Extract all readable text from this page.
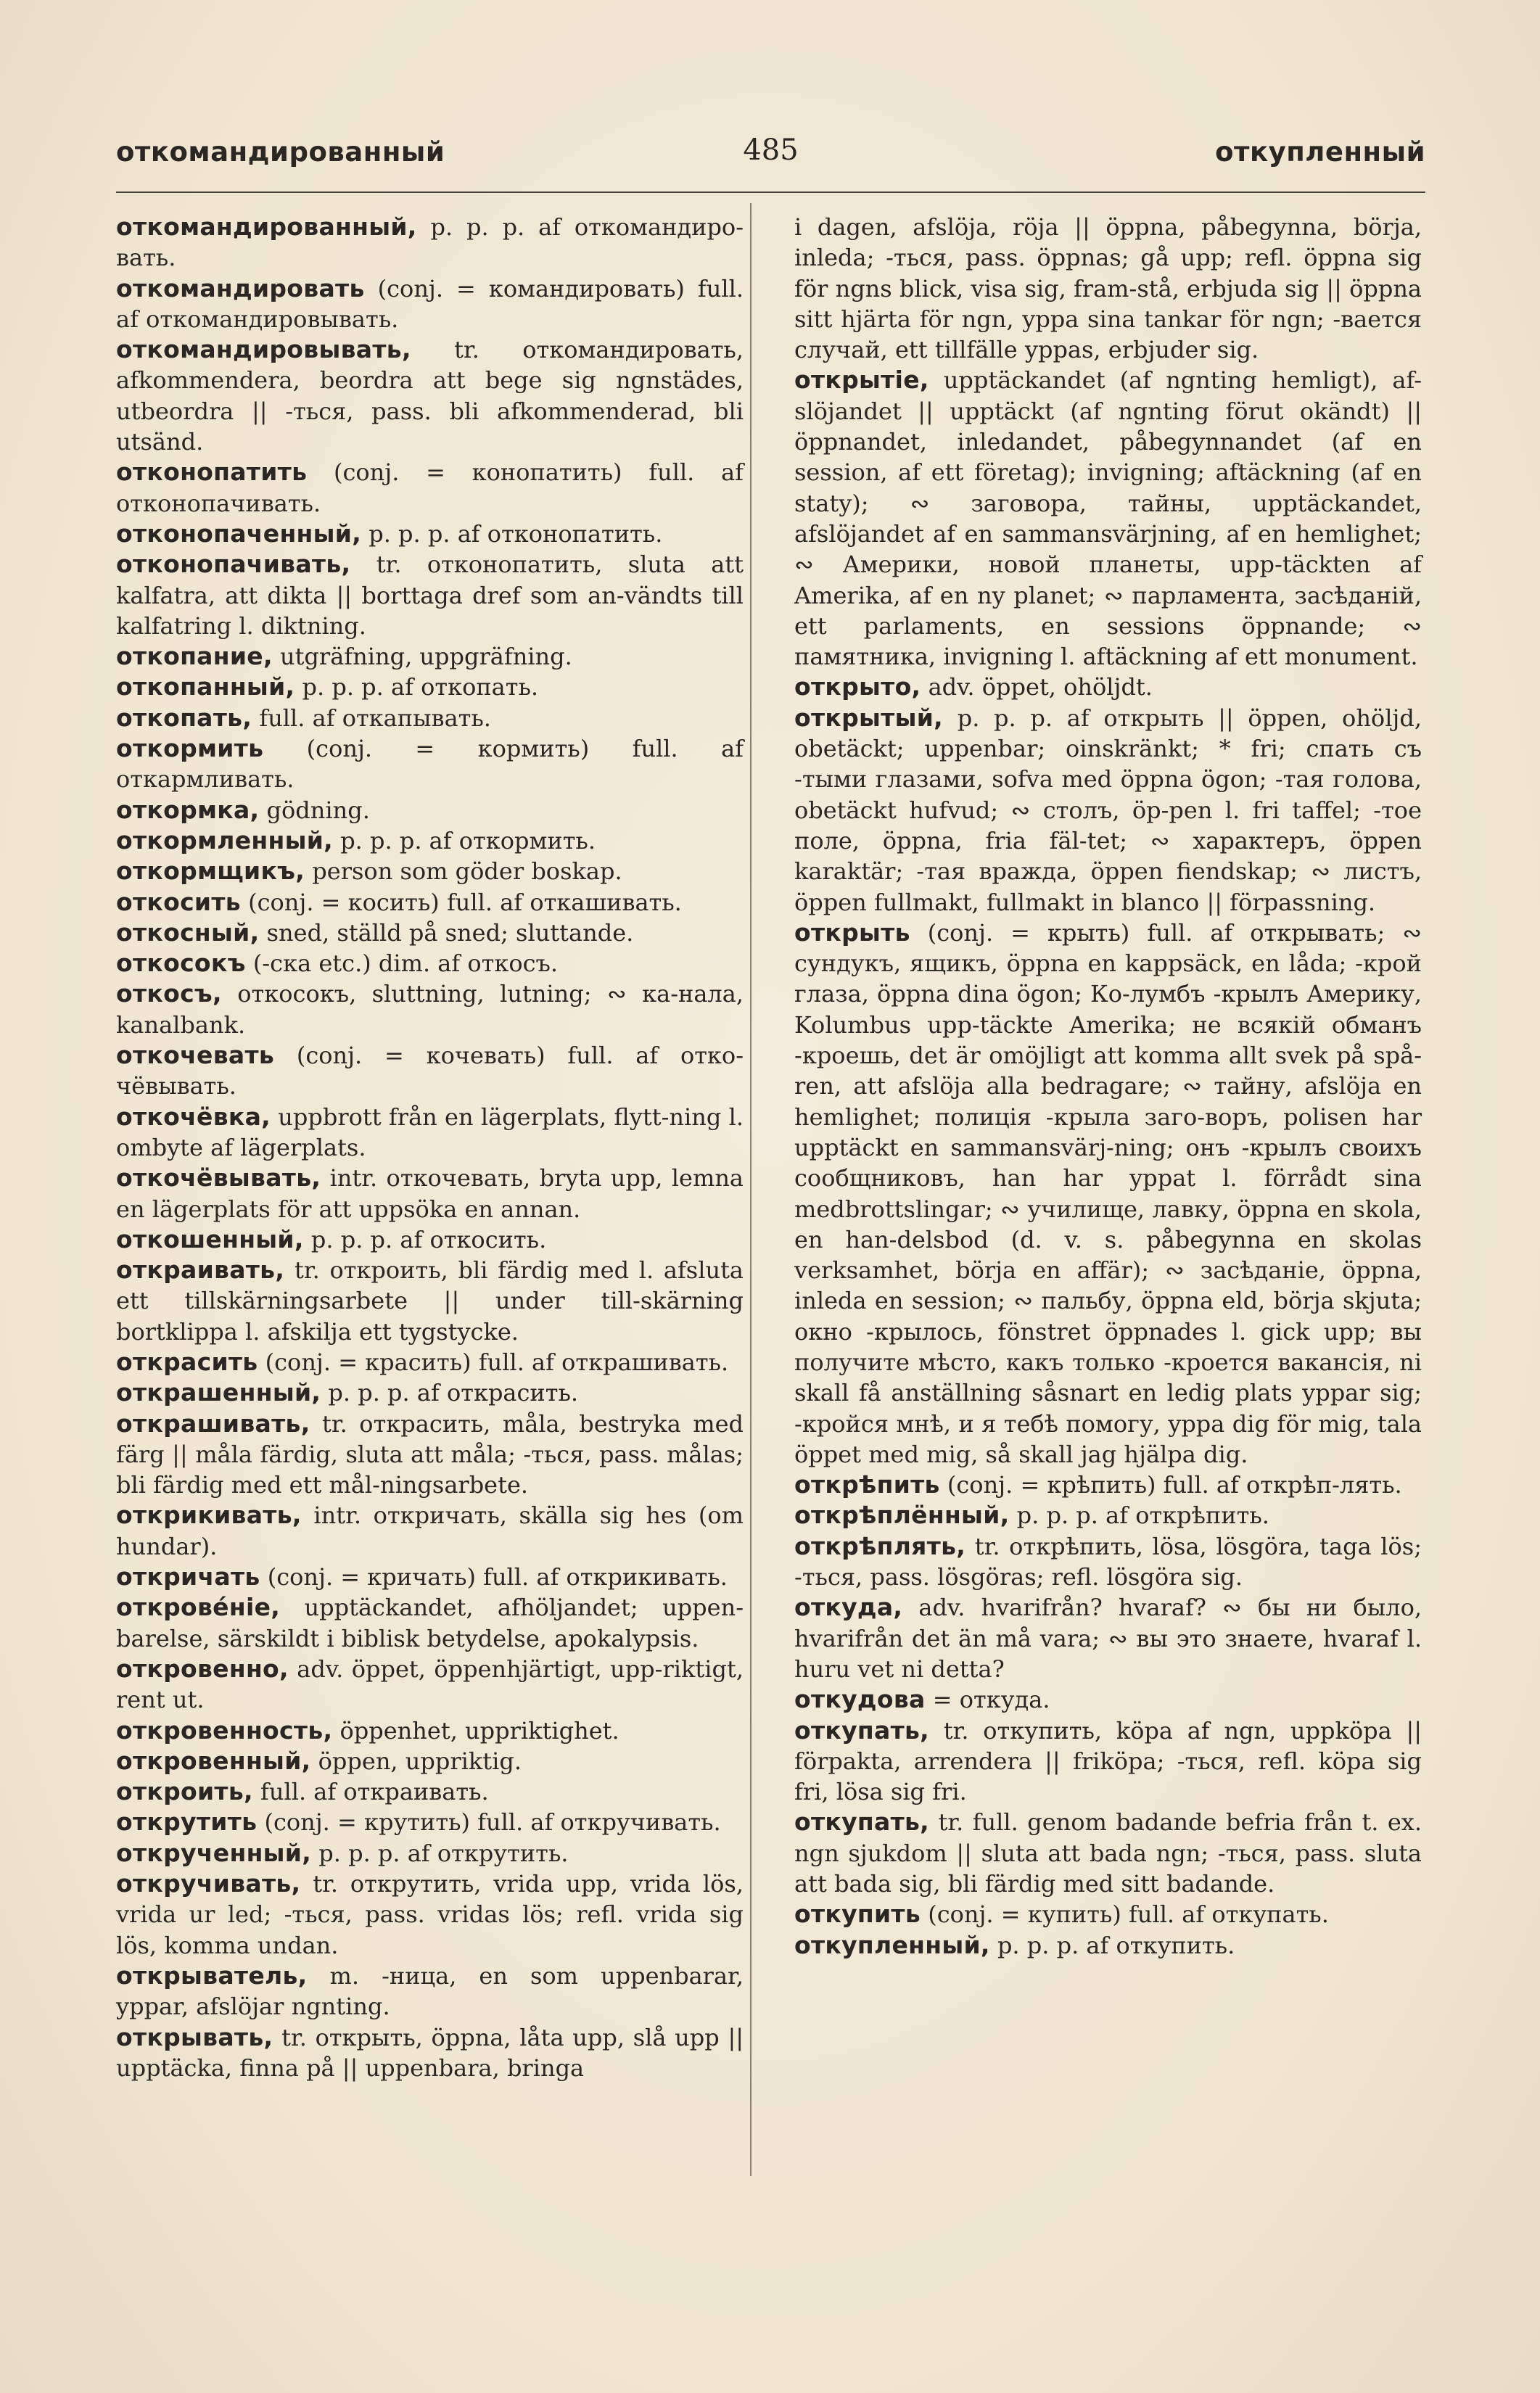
откомандированный	485	откупленный

откомандированный, p. p. p. af откомандиро-вать.

откомандировать (conj. = командировать) full. af откомандировывать.

откомандировывать, tr. откомандировать, afkommendera, beordra att bege sig ngnstädes, utbeordra || -ться, pass. bli afkommenderad, bli utsänd.

отконопатить (conj. = конопатить) full. af отконопачивать.

отконопаченный, p. p. p. af отконопатить.

отконопачивать, tr. отконопатить, sluta att kalfatra, att dikta || borttaga dref som an-vändts till kalfatring l. diktning.

откопание, utgräfning, uppgräfning.

откопанный, p. p. p. af откопать.

откопать, full. af откапывать.

откормить (conj. = кормить) full. af откармливать.

откормка, gödning.

откормленный, p. p. p. af откормить.

откормщикъ, person som göder boskap.

откосить (conj. = косить) full. af откашивать.

откосный, sned, ställd på sned; sluttande.

откосокъ (-ска etc.) dim. af откосъ.

откосъ, откосокъ, sluttning, lutning; ∾ ка-нала, kanalbank.

откочевать (conj. = кочевать) full. af отко-чёвывать.

откочёвка, uppbrott från en lägerplats, flytt-ning l. ombyte af lägerplats.

откочёвывать, intr. откочевать, bryta upp, lemna en lägerplats för att uppsöka en annan.

откошенный, p. p. p. af откосить.

откраивать, tr. откроить, bli färdig med l. afsluta ett tillskärningsarbete || under till-skärning bortklippa l. afskilja ett tygstycke.

открасить (conj. = красить) full. af открашивать.

открашенный, p. p. p. af открасить.

открашивать, tr. открасить, måla, bestryka med färg || måla färdig, sluta att måla; -ться, pass. målas; bli färdig med ett mål-ningsarbete.

открикивать, intr. откричать, skälla sig hes (om hundar).

откричать (conj. = кричать) full. af открикивать.

открове́ніе, upptäckandet, afhöljandet; uppen-barelse, särskildt i biblisk betydelse, apokalypsis.

откровенно, adv. öppet, öppenhjärtigt, upp-riktigt, rent ut.

откровенность, öppenhet, uppriktighet.

откровенный, öppen, uppriktig.

откроить, full. af откраивать.

открутить (conj. = крутить) full. af откручивать.

открученный, p. p. p. af открутить.

откручивать, tr. открутить, vrida upp, vrida lös, vrida ur led; -ться, pass. vridas lös; refl. vrida sig lös, komma undan.

открыватель, m. -ница, en som uppenbarar, yppar, afslöjar ngnting.

открывать, tr. открыть, öppna, låta upp, slå upp || upptäcka, finna på || uppenbara, bringa

i dagen, afslöja, röja || öppna, påbegynna, börja, inleda; -ться, pass. öppnas; gå upp; refl. öppna sig för ngns blick, visa sig, fram-stå, erbjuda sig || öppna sitt hjärta för ngn, yppa sina tankar för ngn; -вается случай, ett tillfälle yppas, erbjuder sig.

открытіе, upptäckandet (af ngnting hemligt), af-slöjandet || upptäckt (af ngnting förut okändt) || öppnandet, inledandet, påbegynnandet (af en session, af ett företag); invigning; aftäckning (af en staty); ∾ заговора, тайны, upptäckandet, afslöjandet af en sammansvärjning, af en hemlighet; ∾ Америки, новой планеты, upp-täckten af Amerika, af en ny planet; ∾ парламента, засѣданій, ett parlaments, en sessions öppnande; ∾ памятника, invigning l. aftäckning af ett monument.

открыто, adv. öppet, ohöljdt.

открытый, p. p. p. af открыть || öppen, ohöljd, obetäckt; uppenbar; oinskränkt; * fri; спать съ -тыми глазами, sofva med öppna ögon; -тая голова, obetäckt hufvud; ∾ столъ, öp-pen l. fri taffel; -тое поле, öppna, fria fäl-tet; ∾ характеръ, öppen karaktär; -тая вражда, öppen fiendskap; ∾ листъ, öppen fullmakt, fullmakt in blanco || förpassning.

открыть (conj. = крыть) full. af открывать; ∾ сундукъ, ящикъ, öppna en kappsäck, en låda; -крой глаза, öppna dina ögon; Ко-лумбъ -крылъ Америку, Kolumbus upp-täckte Amerika; не всякій обманъ -кроешь, det är omöjligt att komma allt svek på spå-ren, att afslöja alla bedragare; ∾ тайну, afslöja en hemlighet; полиція -крыла заго-воръ, polisen har upptäckt en sammansvärj-ning; онъ -крылъ своихъ сообщниковъ, han har yppat l. förrådt sina medbrottslingar; ∾ училище, лавку, öppna en skola, en han-delsbod (d. v. s. påbegynna en skolas verksamhet, börja en affär); ∾ засѣданіе, öppna, inleda en session; ∾ пальбу, öppna eld, börja skjuta; окно -крылось, fönstret öppnades l. gick upp; вы получите мѣсто, какъ только -кроется вакансія, ni skall få anställning såsnart en ledig plats yppar sig; -кройся мнѣ, и я тебѣ помогу, yppa dig för mig, tala öppet med mig, så skall jag hjälpa dig.

открѣпить (conj. = крѣпить) full. af открѣп-лять.

открѣплённый, p. p. p. af открѣпить.

открѣплять, tr. открѣпить, lösa, lösgöra, taga lös; -ться, pass. lösgöras; refl. lösgöra sig.

откуда, adv. hvarifrån? hvaraf? ∾ бы ни было, hvarifrån det än må vara; ∾ вы это знаете, hvaraf l. huru vet ni detta?

откудова = откуда.

откупать, tr. откупить, köpa af ngn, uppköpa || förpakta, arrendera || friköpa; -ться, refl. köpa sig fri, lösa sig fri.

откупать, tr. full. genom badande befria från t. ex. ngn sjukdom || sluta att bada ngn; -ться, pass. sluta att bada sig, bli färdig med sitt badande.

откупить (conj. = купить) full. af откупать.

откупленный, p. p. p. af откупить.
